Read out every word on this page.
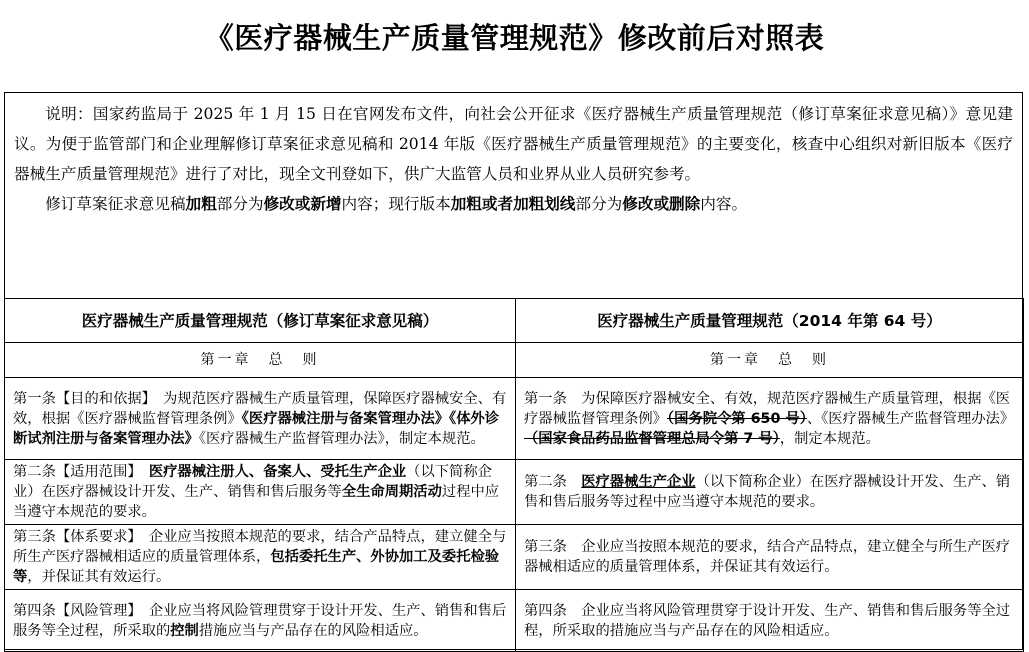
《医疗器械生产质量管理规范》修改前后对照表

说明：国家药监局于 2025 年 1 月 15 日在官网发布文件，向社会公开征求《医疗器械生产质量管理规范（修订草案征求意见稿）》意见建议。为便于监管部门和企业理解修订草案征求意见稿和 2014 年版《医疗器械生产质量管理规范》的主要变化，核查中心组织对新旧版本《医疗器械生产质量管理规范》进行了对比，现全文刊登如下，供广大监管人员和业界从业人员研究参考。

修订草案征求意见稿加粗部分为修改或新增内容；现行版本加粗或者加粗划线部分为修改或删除内容。

医疗器械生产质量管理规范（修订草案征求意见稿）	医疗器械生产质量管理规范（2014 年第 64 号）
第一章　总　则	第一章　总　则
第一条【目的和依据】　为规范医疗器械生产质量管理，保障医疗器械安全、有效，根据《医疗器械监督管理条例》《医疗器械注册与备案管理办法》《体外诊断试剂注册与备案管理办法》《医疗器械生产监督管理办法》，制定本规范。	第一条　为保障医疗器械安全、有效，规范医疗器械生产质量管理，根据《医疗器械监督管理条例》（国务院令第 650 号）、《医疗器械生产监督管理办法》（国家食品药品监督管理总局令第 7 号），制定本规范。
第二条【适用范围】　医疗器械注册人、备案人、受托生产企业（以下简称企业）在医疗器械设计开发、生产、销售和售后服务等全生命周期活动过程中应当遵守本规范的要求。	第二条　医疗器械生产企业（以下简称企业）在医疗器械设计开发、生产、销售和售后服务等过程中应当遵守本规范的要求。
第三条【体系要求】　企业应当按照本规范的要求，结合产品特点，建立健全与所生产医疗器械相适应的质量管理体系，包括委托生产、外协加工及委托检验等，并保证其有效运行。	第三条　企业应当按照本规范的要求，结合产品特点，建立健全与所生产医疗器械相适应的质量管理体系，并保证其有效运行。
第四条【风险管理】　企业应当将风险管理贯穿于设计开发、生产、销售和售后服务等全过程，所采取的控制措施应当与产品存在的风险相适应。	第四条　企业应当将风险管理贯穿于设计开发、生产、销售和售后服务等全过程，所采取的措施应当与产品存在的风险相适应。
